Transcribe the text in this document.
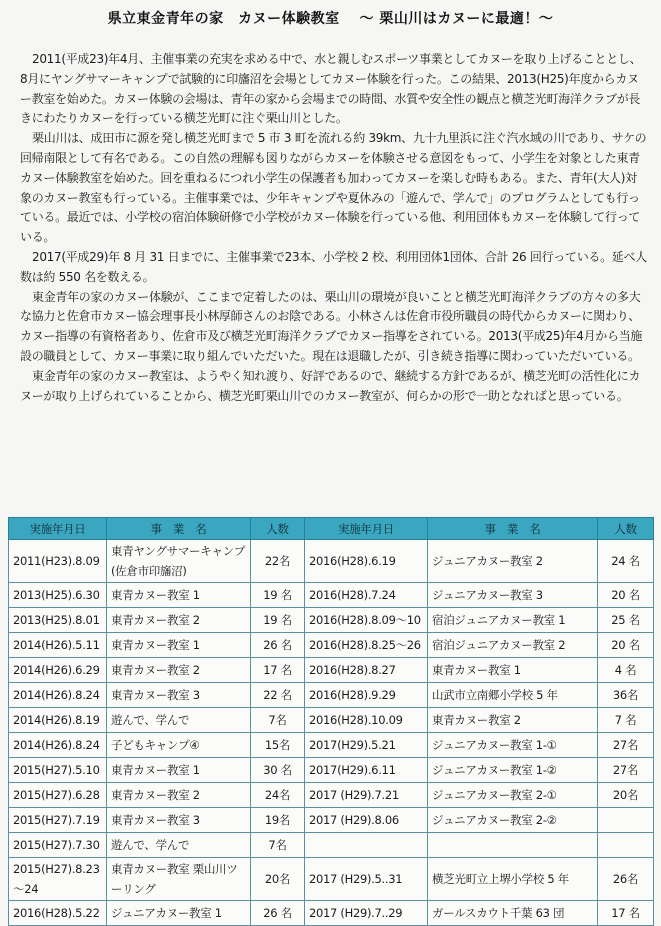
県立東金青年の家　カヌー体験教室　 ～ 栗山川はカヌーに最適！～

2011(平成23)年4月、主催事業の充実を求める中で、水と親しむスポーツ事業としてカヌーを取り上げることとし、8月にヤングサマーキャンプで試験的に印旛沼を会場としてカヌー体験を行った。この結果、2013(H25)年度からカヌー教室を始めた。カヌー体験の会場は、青年の家から会場までの時間、水質や安全性の観点と横芝光町海洋クラブが長きにわたりカヌーを行っている横芝光町に注ぐ栗山川とした。

栗山川は、成田市に源を発し横芝光町まで 5 市 3 町を流れる約 39km、九十九里浜に注ぐ汽水域の川であり、サケの回帰南限として有名である。この自然の理解も図りながらカヌーを体験させる意図をもって、小学生を対象とした東青カヌー体験教室を始めた。回を重ねるにつれ小学生の保護者も加わってカヌーを楽しむ時もある。また、青年(大人)対象のカヌー教室も行っている。主催事業では、少年キャンプや夏休みの「遊んで、学んで」のプログラムとしても行っている。最近では、小学校の宿泊体験研修で小学校がカヌー体験を行っている他、利用団体もカヌーを体験して行っている。

2017(平成29)年 8 月 31 日までに、主催事業で23本、小学校 2 校、利用団体1団体、合計 26 回行っている。延べ人数は約 550 名を数える。

東金青年の家のカヌー体験が、ここまで定着したのは、栗山川の環境が良いことと横芝光町海洋クラブの方々の多大な協力と佐倉市カヌー協会理事長小林厚師さんのお陰である。小林さんは佐倉市役所職員の時代からカヌーに関わり、カヌー指導の有資格者あり、佐倉市及び横芝光町海洋クラブでカヌー指導をされている。2013(平成25)年4月から当施設の職員として、カヌー事業に取り組んでいただいた。現在は退職したが、引き続き指導に関わっていただいている。

東金青年の家のカヌー教室は、ようやく知れ渡り、好評であるので、継続する方針であるが、横芝光町の活性化にカヌーが取り上げられていることから、横芝光町栗山川でのカヌー教室が、何らかの形で一助となればと思っている。

実施年月日	事　業　名	人数	実施年月日	事　業　名	人数
2011(H23).8.09	東青ヤングサマーキャンプ(佐倉市印旛沼)	22名	2016(H28).6.19	ジュニアカヌー教室 2	24 名
2013(H25).6.30	東青カヌー教室 1	19 名	2016(H28).7.24	ジュニアカヌー教室 3	20 名
2013(H25).8.01	東青カヌー教室 2	19 名	2016(H28).8.09～10	宿泊ジュニアカヌー教室 1	25 名
2014(H26).5.11	東青カヌー教室 1	26 名	2016(H28).8.25～26	宿泊ジュニアカヌー教室 2	20 名
2014(H26).6.29	東青カヌー教室 2	17 名	2016(H28).8.27	東青カヌー教室 1	4 名
2014(H26).8.24	東青カヌー教室 3	22 名	2016(H28).9.29	山武市立南郷小学校 5 年	36名
2014(H26).8.19	遊んで、学んで	7名	2016(H28).10.09	東青カヌー教室 2	7 名
2014(H26).8.24	子どもキャンプ④	15名	2017(H29).5.21	ジュニアカヌー教室 1-①	27名
2015(H27).5.10	東青カヌー教室 1	30 名	2017(H29).6.11	ジュニアカヌー教室 1-②	27名
2015(H27).6.28	東青カヌー教室 2	24名	2017 (H29).7.21	ジュニアカヌー教室 2-①	20名
2015(H27).7.19	東青カヌー教室 3	19名	2017 (H29).8.06	ジュニアカヌー教室 2-②	
2015(H27).7.30	遊んで、学んで	7名			
2015(H27).8.23 ～24	東青カヌー教室 栗山川ツーリング	20名	2017 (H29).5..31	横芝光町立上堺小学校 5 年	26名
2016(H28).5.22	ジュニアカヌー教室 1	26 名	2017 (H29).7..29	ガールスカウト千葉 63 団	17 名
